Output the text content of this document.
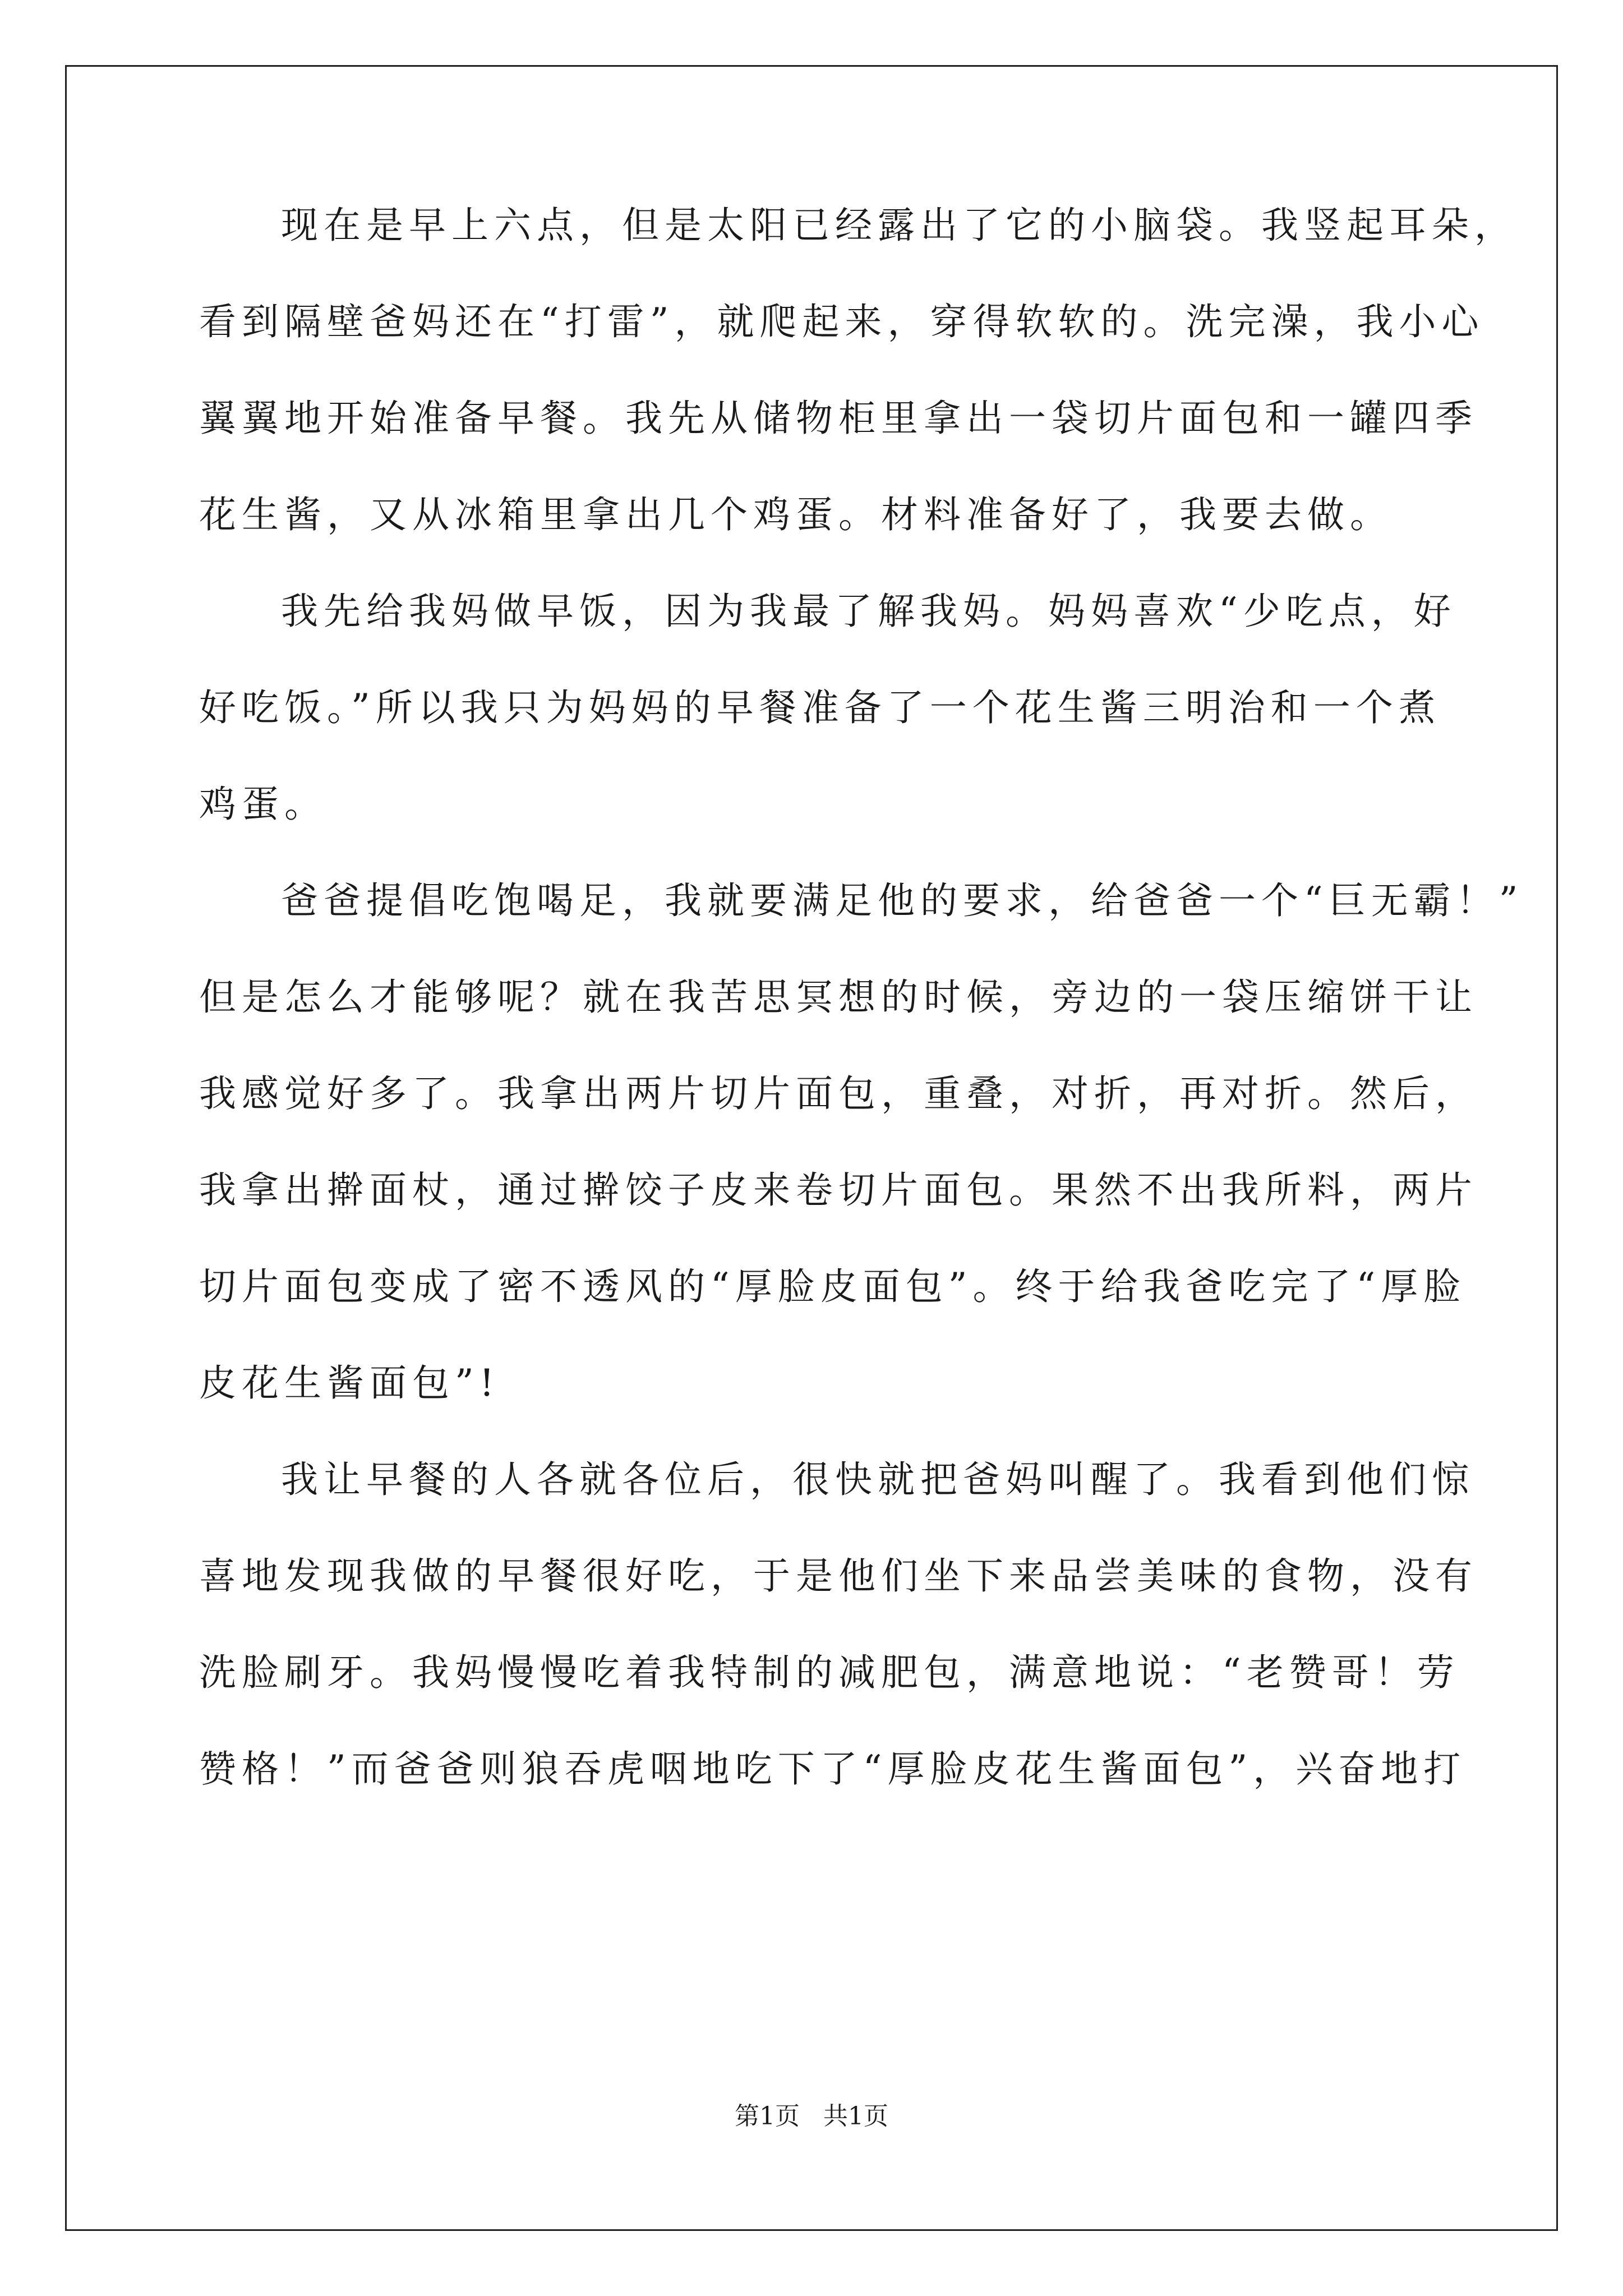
现在是早上六点，但是太阳已经露出了它的小脑袋。我竖起耳朵，
看到隔壁爸妈还在“打雷”，就爬起来，穿得软软的。洗完澡，我小心
翼翼地开始准备早餐。我先从储物柜里拿出一袋切片面包和一罐四季
花生酱，又从冰箱里拿出几个鸡蛋。材料准备好了，我要去做。
我先给我妈做早饭，因为我最了解我妈。妈妈喜欢“少吃点，好
好吃饭。”所以我只为妈妈的早餐准备了一个花生酱三明治和一个煮
鸡蛋。
爸爸提倡吃饱喝足，我就要满足他的要求，给爸爸一个“巨无霸！”
但是怎么才能够呢？就在我苦思冥想的时候，旁边的一袋压缩饼干让
我感觉好多了。我拿出两片切片面包，重叠，对折，再对折。然后，
我拿出擀面杖，通过擀饺子皮来卷切片面包。果然不出我所料，两片
切片面包变成了密不透风的“厚脸皮面包”。终于给我爸吃完了“厚脸
皮花生酱面包”!
我让早餐的人各就各位后，很快就把爸妈叫醒了。我看到他们惊
喜地发现我做的早餐很好吃，于是他们坐下来品尝美味的食物，没有
洗脸刷牙。我妈慢慢吃着我特制的减肥包，满意地说：“老赞哥！劳
赞格！”而爸爸则狼吞虎咽地吃下了“厚脸皮花生酱面包”，兴奋地打
第1页   共1页
